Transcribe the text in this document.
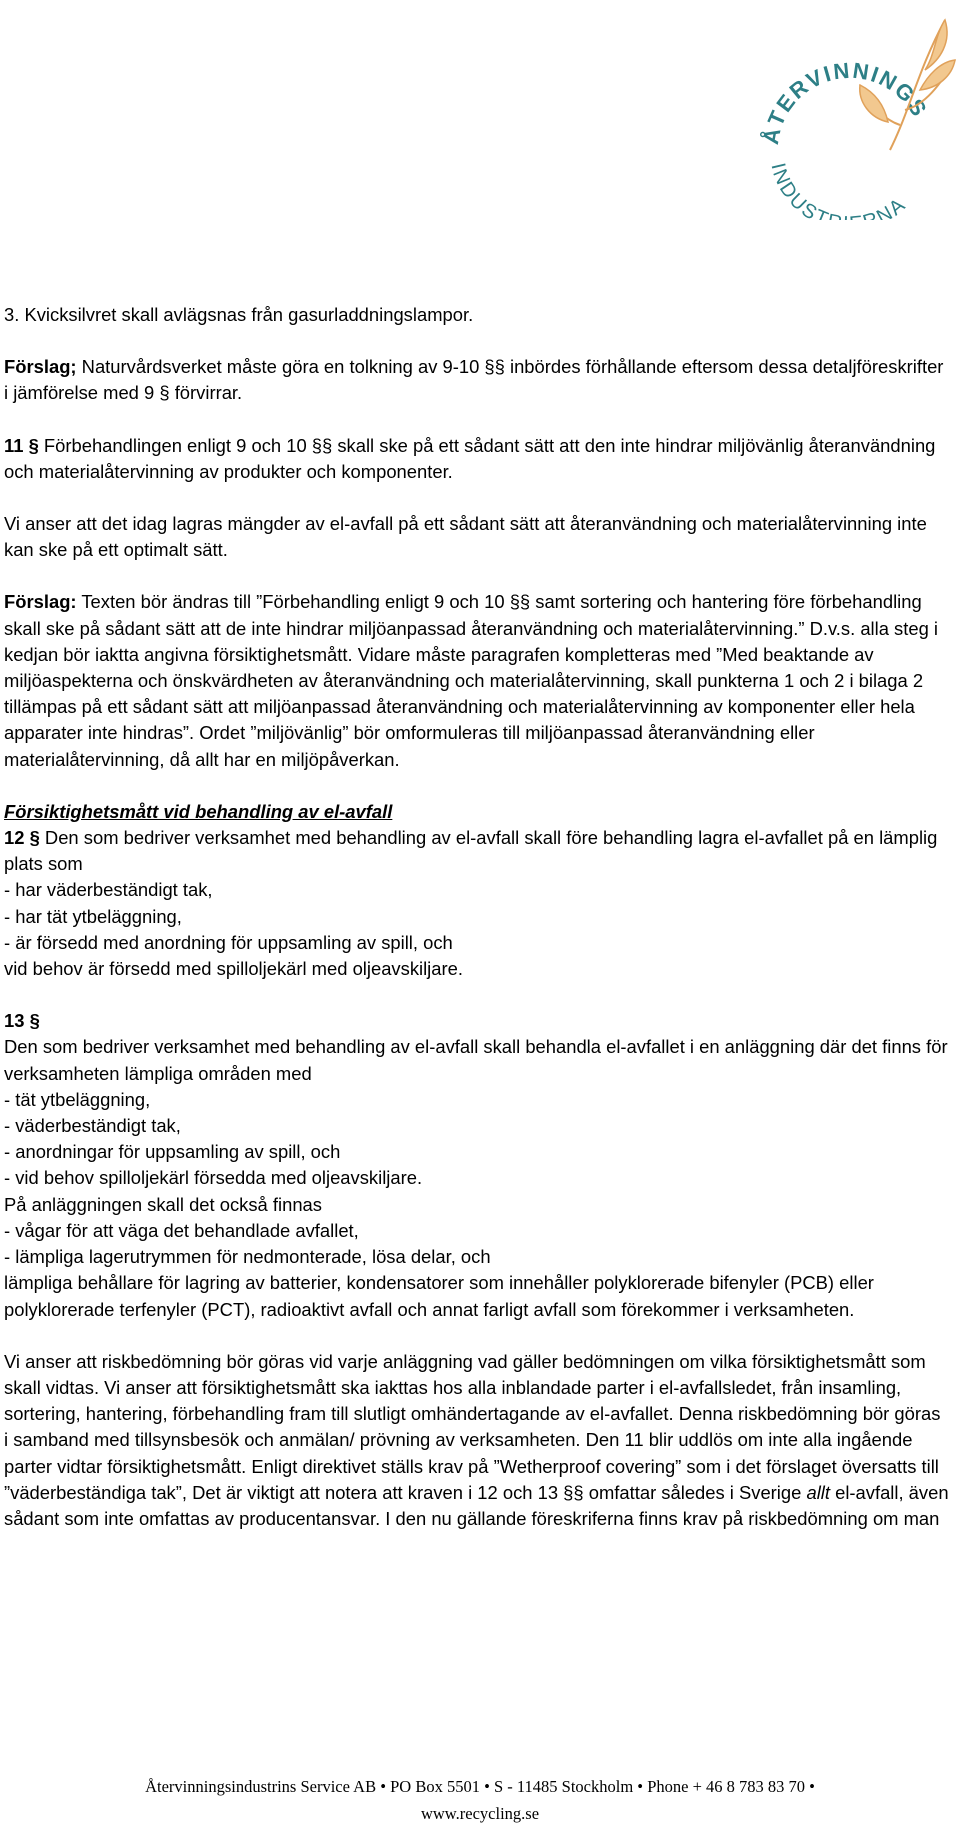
ÅTERVINNINGS
INDUST NA

3. Kvicksilvret skall avlägsnas från gasurladdningslampor.

Förslag; Naturvårdsverket måste göra en tolkning av 9-10 §§ inbördes förhållande eftersom dessa detaljföreskrifter i jämförelse med 9 § förvirrar.

11 § Förbehandlingen enligt 9 och 10 §§ skall ske på ett sådant sätt att den inte hindrar miljövänlig återanvändning och materialåtervinning av produkter och komponenter.

Vi anser att det idag lagras mängder av el-avfall på ett sådant sätt att återanvändning och materialåtervinning inte kan ske på ett optimalt sätt.

Förslag: Texten bör ändras till ”Förbehandling enligt 9 och 10 §§ samt sortering och hantering före förbehandling skall ske på sådant sätt att de inte hindrar miljöanpassad återanvändning och materialåtervinning.” D.v.s. alla steg i kedjan bör iaktta angivna försiktighetsmått. Vidare måste paragrafen kompletteras med ”Med beaktande av miljöaspekterna och önskvärdheten av återanvändning och materialåtervinning, skall punkterna 1 och 2 i bilaga 2 tillämpas på ett sådant sätt att miljöanpassad återanvändning och materialåtervinning av komponenter eller hela apparater inte hindras”. Ordet ”miljövänlig” bör omformuleras till miljöanpassad återanvändning eller materialåtervinning, då allt har en miljöpåverkan.

Försiktighetsmått vid behandling av el-avfall

12 § Den som bedriver verksamhet med behandling av el-avfall skall före behandling lagra el-avfallet på en lämplig plats som

- har väderbeständigt tak,

- har tät ytbeläggning,

- är försedd med anordning för uppsamling av spill, och

vid behov är försedd med spilloljekärl med oljeavskiljare.

13 §

Den som bedriver verksamhet med behandling av el-avfall skall behandla el-avfallet i en anläggning där det finns för verksamheten lämpliga områden med

- tät ytbeläggning,

- väderbeständigt tak,

- anordningar för uppsamling av spill, och

- vid behov spilloljekärl försedda med oljeavskiljare.

På anläggningen skall det också finnas

- vågar för att väga det behandlade avfallet,

- lämpliga lagerutrymmen för nedmonterade, lösa delar, och

lämpliga behållare för lagring av batterier, kondensatorer som innehåller polyklorerade bifenyler (PCB) eller polyklorerade terfenyler (PCT), radioaktivt avfall och annat farligt avfall som förekommer i verksamheten.

Vi anser att riskbedömning bör göras vid varje anläggning vad gäller bedömningen om vilka försiktighetsmått som skall vidtas. Vi anser att försiktighetsmått ska iakttas hos alla inblandade parter i el-avfallsledet, från insamling, sortering, hantering, förbehandling fram till slutligt omhändertagande av el-avfallet. Denna riskbedömning bör göras i samband med tillsynsbesök och anmälan/ prövning av verksamheten. Den 11 blir uddlös om inte alla ingående parter vidtar försiktighetsmått. Enligt direktivet ställs krav på ”Wetherproof covering” som i det förslaget översatts till ”väderbeständiga tak”, Det är viktigt att notera att kraven i 12 och 13 §§ omfattar således i Sverige allt el-avfall, även sådant som inte omfattas av producentansvar. I den nu gällande föreskriferna finns krav på riskbedömning om man

Återvinningsindustrins Service AB • PO Box 5501 • S - 11485 Stockholm • Phone + 46 8 783 83 70 •
www.recycling.se
